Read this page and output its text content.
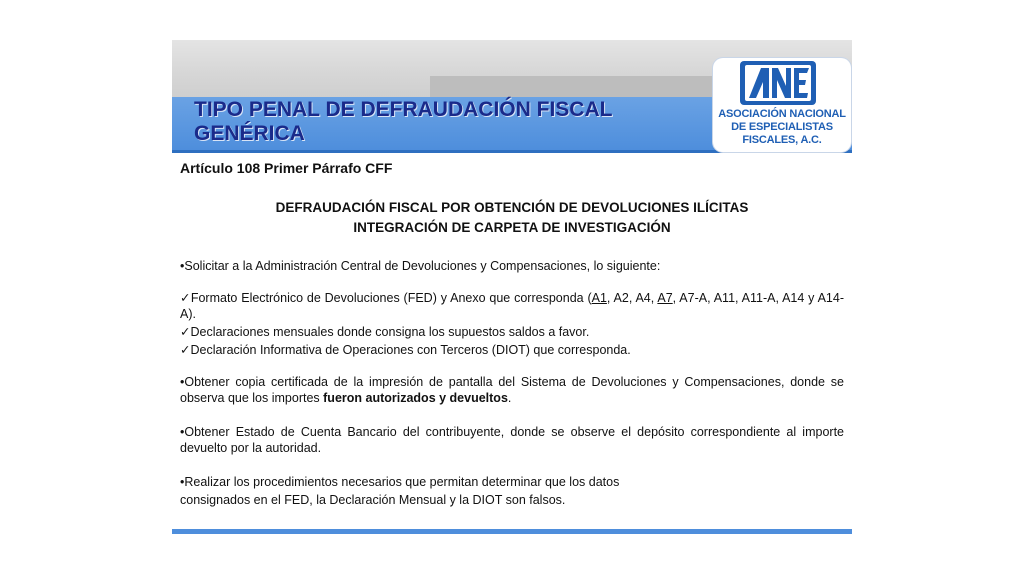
TIPO PENAL DE DEFRAUDACIÓN FISCAL
GENÉRICA
ASOCIACIÓN NACIONAL
DE ESPECIALISTAS
FISCALES, A.C.

Artículo 108 Primer Párrafo CFF

DEFRAUDACIÓN FISCAL POR OBTENCIÓN DE DEVOLUCIONES ILÍCITAS
INTEGRACIÓN DE CARPETA DE INVESTIGACIÓN

•Solicitar a la Administración Central de Devoluciones y Compensaciones, lo siguiente:

✓Formato Electrónico de Devoluciones (FED) y Anexo que corresponda (A1, A2, A4, A7, A7-A, A11, A11-A, A14 y A14-A).

✓Declaraciones mensuales donde consigna los supuestos saldos a favor.

✓Declaración Informativa de Operaciones con Terceros (DIOT) que corresponda.

•Obtener copia certificada de la impresión de pantalla del Sistema de Devoluciones y Compensaciones, donde se observa que los importes fueron autorizados y devueltos.

•Obtener Estado de Cuenta Bancario del contribuyente, donde se observe el depósito correspondiente al importe devuelto por la autoridad.

•Realizar los procedimientos necesarios que permitan determinar que los datos

consignados en el FED, la Declaración Mensual y la DIOT son falsos.
